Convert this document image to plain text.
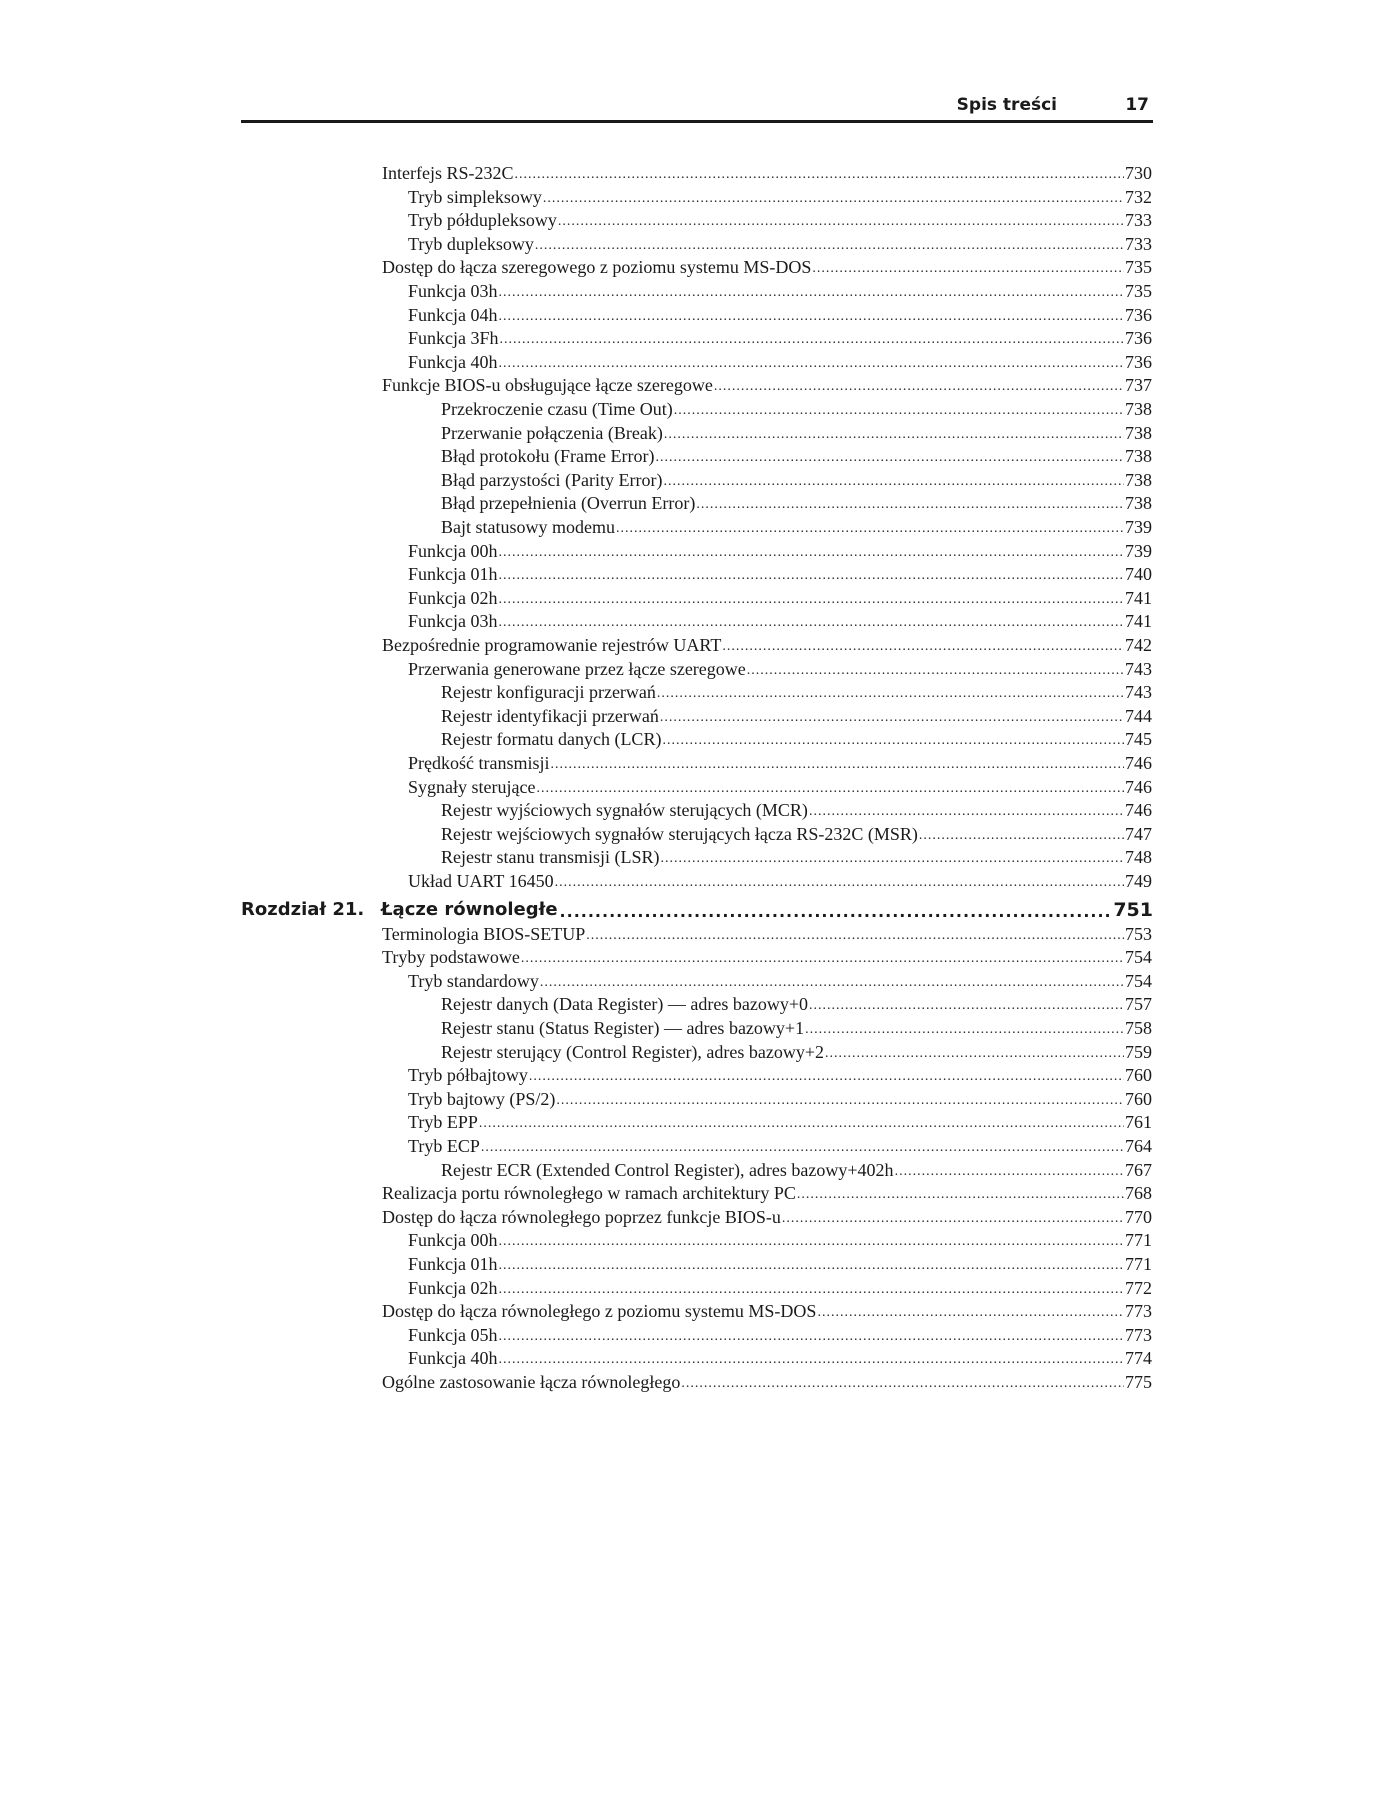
Spis treści	17
Interfejs RS-232C .....	730
Tryb simpleksowy .....	732
Tryb półdupleksowy .....	733
Tryb dupleksowy .....	733
Dostęp do łącza szeregowego z poziomu systemu MS-DOS .....	735
Funkcja 03h .....	735
Funkcja 04h .....	736
Funkcja 3Fh .....	736
Funkcja 40h .....	736
Funkcje BIOS-u obsługujące łącze szeregowe .....	737
Przekroczenie czasu (Time Out) .....	738
Przerwanie połączenia (Break) .....	738
Błąd protokołu (Frame Error) .....	738
Błąd parzystości (Parity Error) .....	738
Błąd przepełnienia (Overrun Error) .....	738
Bajt statusowy modemu .....	739
Funkcja 00h .....	739
Funkcja 01h .....	740
Funkcja 02h .....	741
Funkcja 03h .....	741
Bezpośrednie programowanie rejestrów UART .....	742
Przerwania generowane przez łącze szeregowe .....	743
Rejestr konfiguracji przerwań .....	743
Rejestr identyfikacji przerwań .....	744
Rejestr formatu danych (LCR) .....	745
Prędkość transmisji .....	746
Sygnały sterujące .....	746
Rejestr wyjściowych sygnałów sterujących (MCR) .....	746
Rejestr wejściowych sygnałów sterujących łącza RS-232C (MSR) .....	747
Rejestr stanu transmisji (LSR) .....	748
Układ UART 16450 .....	749
Rozdział 21. Łącze równoległe .....	751
Terminologia BIOS-SETUP .....	753
Tryby podstawowe .....	754
Tryb standardowy .....	754
Rejestr danych (Data Register) — adres bazowy+0 .....	757
Rejestr stanu (Status Register) — adres bazowy+1 .....	758
Rejestr sterujący (Control Register), adres bazowy+2 .....	759
Tryb półbajtowy .....	760
Tryb bajtowy (PS/2) .....	760
Tryb EPP .....	761
Tryb ECP .....	764
Rejestr ECR (Extended Control Register), adres bazowy+402h .....	767
Realizacja portu równoległego w ramach architektury PC .....	768
Dostęp do łącza równoległego poprzez funkcje BIOS-u .....	770
Funkcja 00h .....	771
Funkcja 01h .....	771
Funkcja 02h .....	772
Dostęp do łącza równoległego z poziomu systemu MS-DOS .....	773
Funkcja 05h .....	773
Funkcja 40h .....	774
Ogólne zastosowanie łącza równoległego .....	775
